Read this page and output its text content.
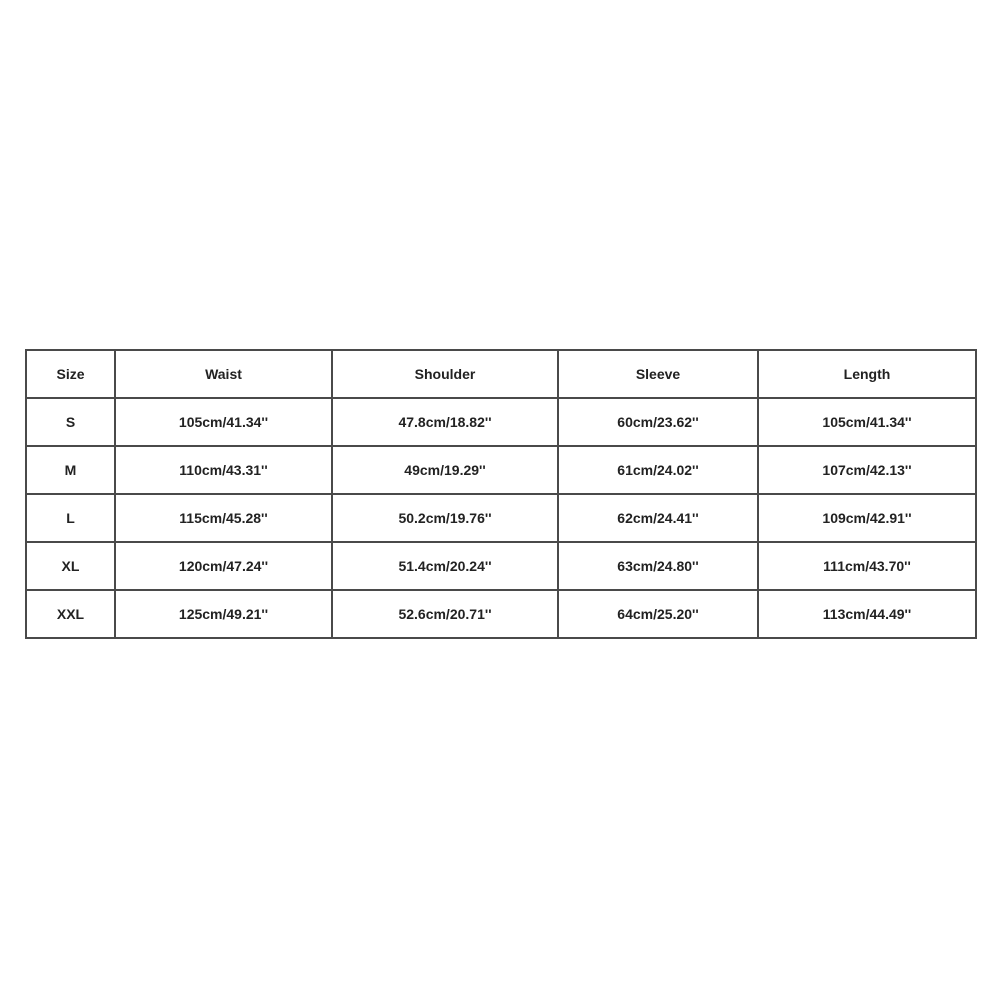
Size	Waist	Shoulder	Sleeve	Length
S	105cm/41.34''	47.8cm/18.82''	60cm/23.62''	105cm/41.34''
M	110cm/43.31''	49cm/19.29''	61cm/24.02''	107cm/42.13''
L	115cm/45.28''	50.2cm/19.76''	62cm/24.41''	109cm/42.91''
XL	120cm/47.24''	51.4cm/20.24''	63cm/24.80''	111cm/43.70''
XXL	125cm/49.21''	52.6cm/20.71''	64cm/25.20''	113cm/44.49''
